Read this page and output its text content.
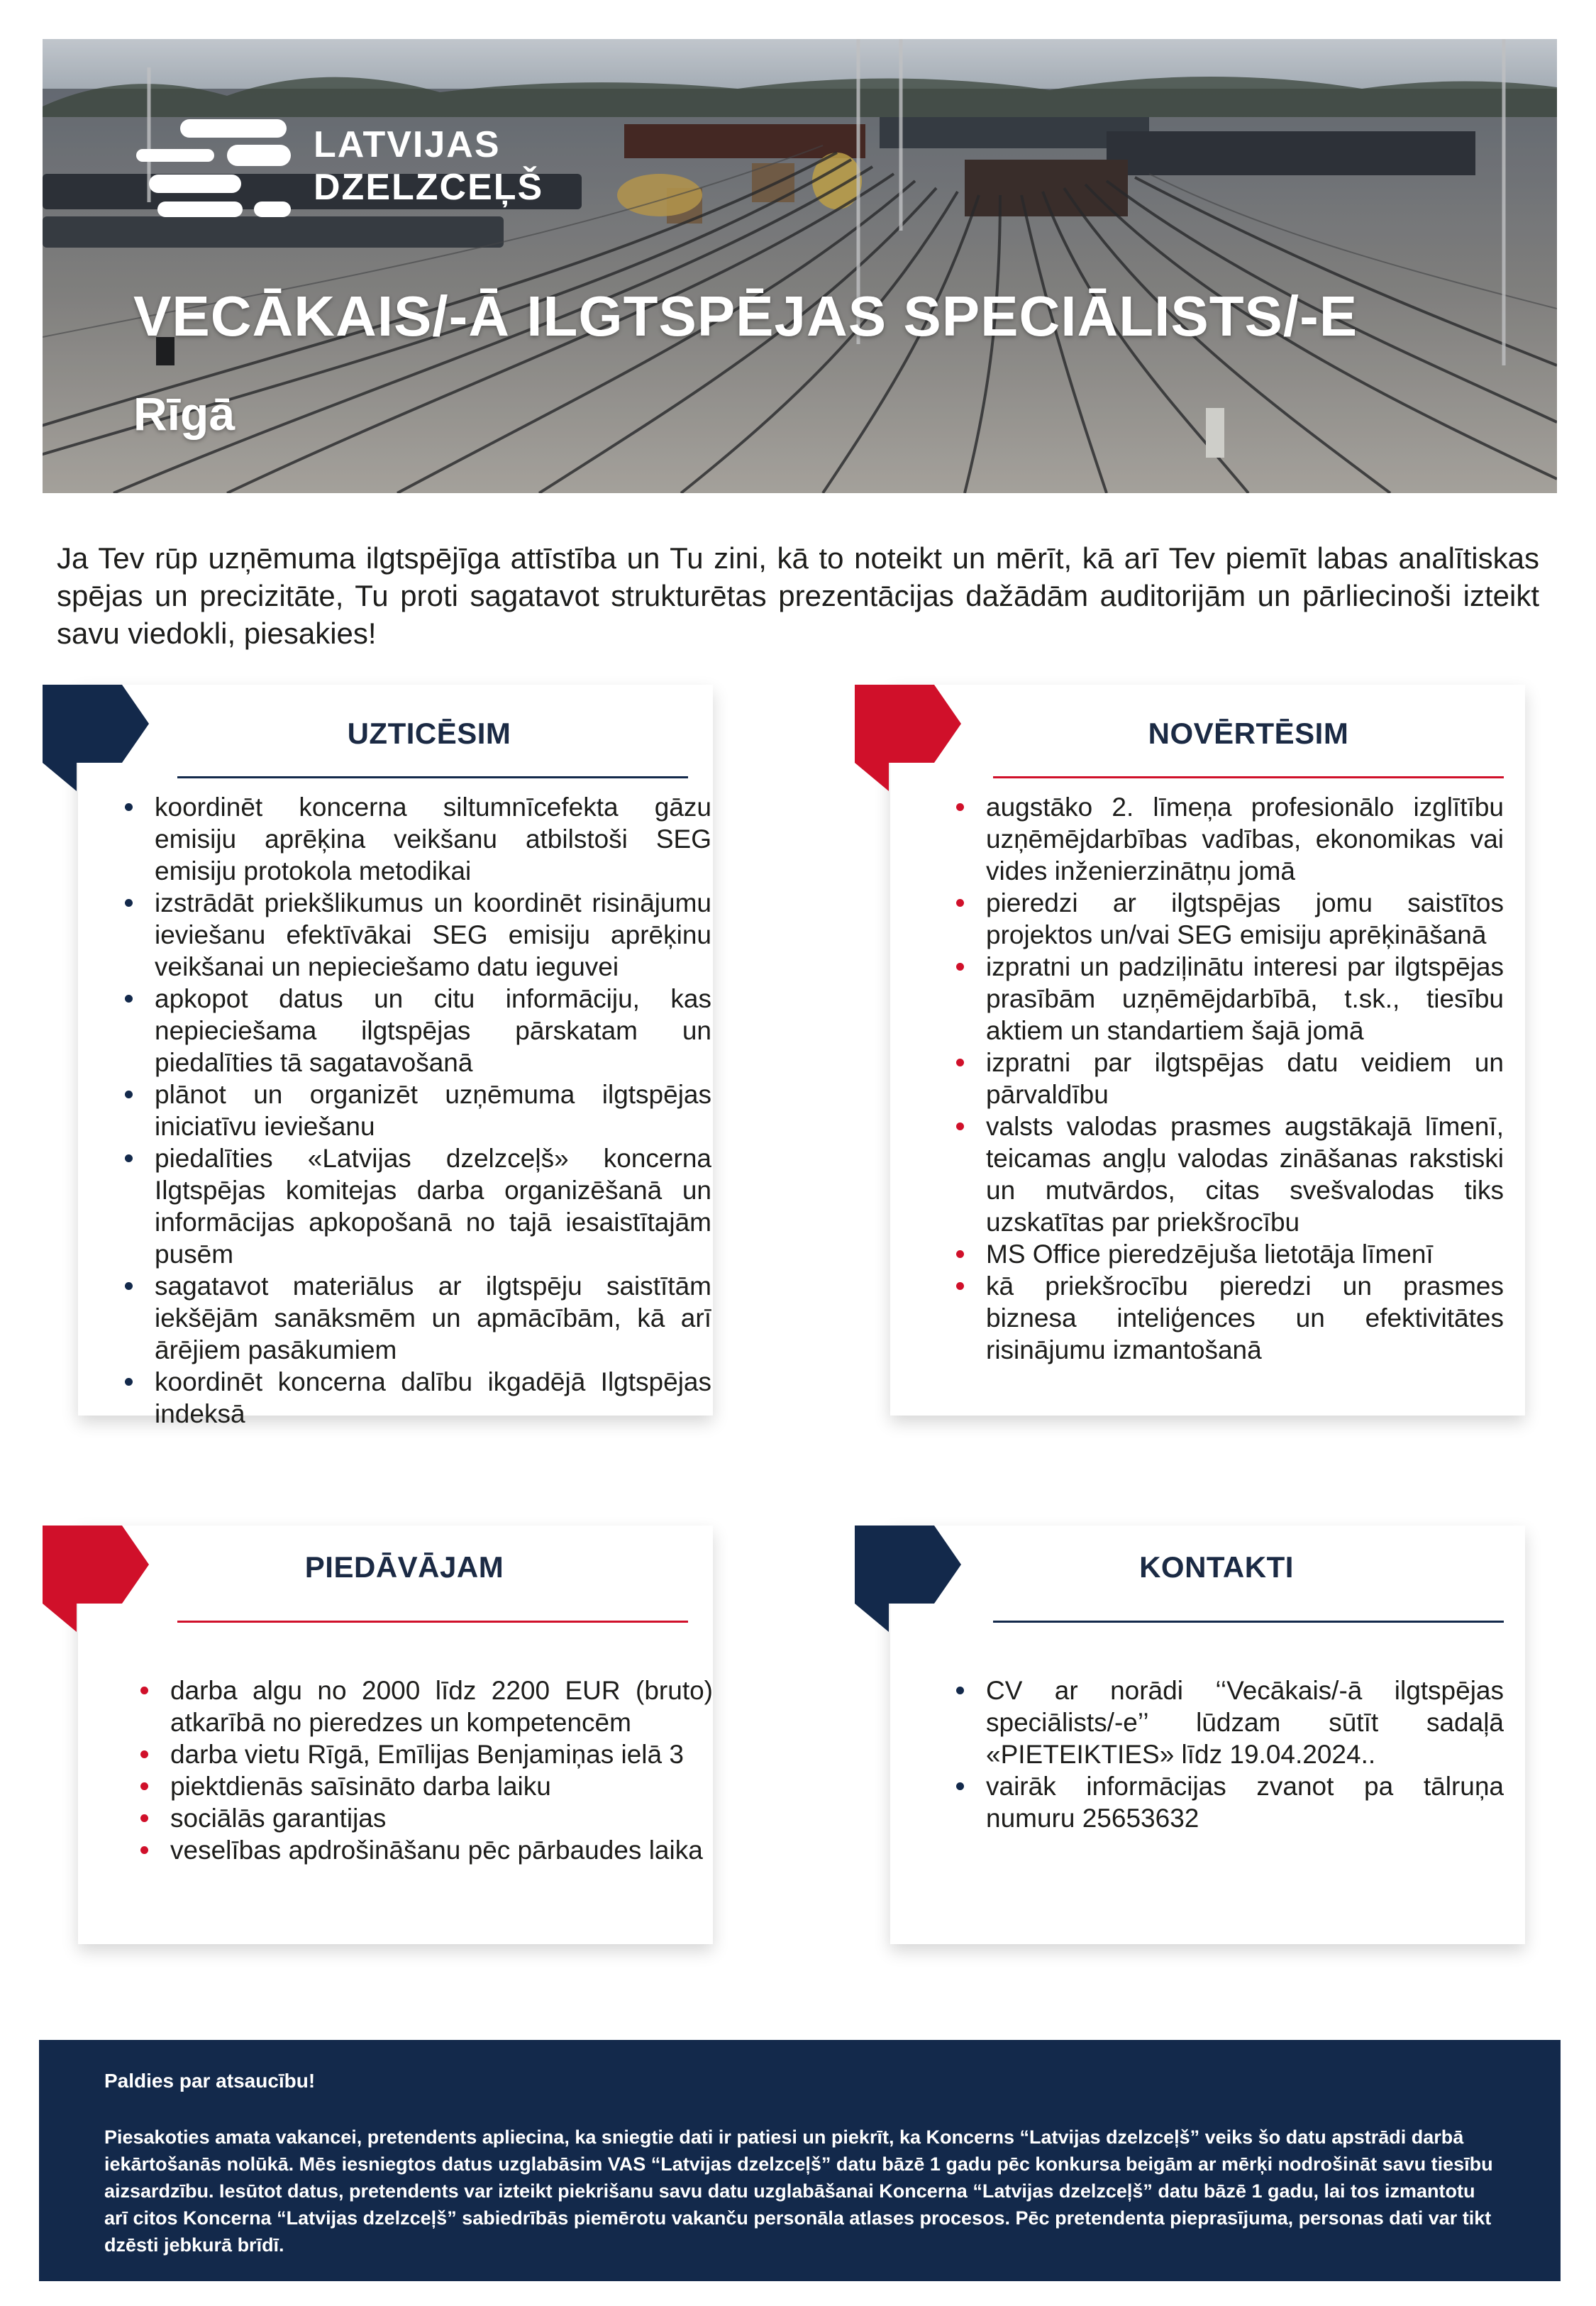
LATVIJAS
DZELZCEĻŠ
VECĀKAIS/-Ā ILGTSPĒJAS SPECIĀLISTS/-E
Rīgā
Ja Tev rūp uzņēmuma ilgtspējīga attīstība un Tu zini, kā to noteikt un mērīt, kā arī Tev piemīt labas analītiskas spējas un precizitāte, Tu proti sagatavot strukturētas prezentācijas dažādām auditorijām un pārliecinoši izteikt savu viedokli, piesakies!
UZTICĒSIM
koordinēt koncerna siltumnīcefekta gāzu emisiju aprēķina veikšanu atbilstoši SEG emisiju protokola metodikai
izstrādāt priekšlikumus un koordinēt risinājumu ieviešanu efektīvākai SEG emisiju aprēķinu veikšanai un nepieciešamo datu ieguvei
apkopot datus un citu informāciju, kas nepieciešama ilgtspējas pārskatam un piedalīties tā sagatavošanā
plānot un organizēt uzņēmuma ilgtspējas iniciatīvu ieviešanu
piedalīties «Latvijas dzelzceļš» koncerna Ilgtspējas komitejas darba organizēšanā un informācijas apkopošanā no tajā iesaistītajām pusēm
sagatavot materiālus ar ilgtspēju saistītām iekšējām sanāksmēm un apmācībām, kā arī ārējiem pasākumiem
koordinēt koncerna dalību ikgadējā Ilgtspējas indeksā
NOVĒRTĒSIM
augstāko 2. līmeņa profesionālo izglītību uzņēmējdarbības vadības, ekonomikas vai vides inženierzinātņu jomā
pieredzi ar ilgtspējas jomu saistītos projektos un/vai SEG emisiju aprēķināšanā
izpratni un padziļinātu interesi par ilgtspējas prasībām uzņēmējdarbībā, t.sk., tiesību aktiem un standartiem šajā jomā
izpratni par ilgtspējas datu veidiem un pārvaldību
valsts valodas prasmes augstākajā līmenī, teicamas angļu valodas zināšanas rakstiski un mutvārdos, citas svešvalodas tiks uzskatītas par priekšrocību
MS Office pieredzējuša lietotāja līmenī
kā priekšrocību pieredzi un prasmes biznesa inteliģences un efektivitātes risinājumu izmantošanā
PIEDĀVĀJAM
darba algu no 2000 līdz 2200 EUR (bruto) atkarībā no pieredzes un kompetencēm
darba vietu Rīgā, Emīlijas Benjamiņas ielā 3
piektdienās saīsināto darba laiku
sociālās garantijas
veselības apdrošināšanu pēc pārbaudes laika
KONTAKTI
CV ar norādi ‘‘Vecākais/-ā ilgtspējas speciālists/-e’’ lūdzam sūtīt sadaļā «PIETEIKTIES» līdz 19.04.2024..
vairāk informācijas zvanot pa tālruņa numuru 25653632
Paldies par atsaucību!
Piesakoties amata vakancei, pretendents apliecina, ka sniegtie dati ir patiesi un piekrīt, ka Koncerns “Latvijas dzelzceļš” veiks šo datu apstrādi darbā iekārtošanās nolūkā. Mēs iesniegtos datus uzglabāsim VAS “Latvijas dzelzceļš” datu bāzē 1 gadu pēc konkursa beigām ar mērķi nodrošināt savu tiesību aizsardzību. Iesūtot datus, pretendents var izteikt piekrišanu savu datu uzglabāšanai Koncerna “Latvijas dzelzceļš” datu bāzē 1 gadu, lai tos izmantotu arī citos Koncerna “Latvijas dzelzceļš” sabiedrībās piemērotu vakanču personāla atlases procesos. Pēc pretendenta pieprasījuma, personas dati var tikt dzēsti jebkurā brīdī.
